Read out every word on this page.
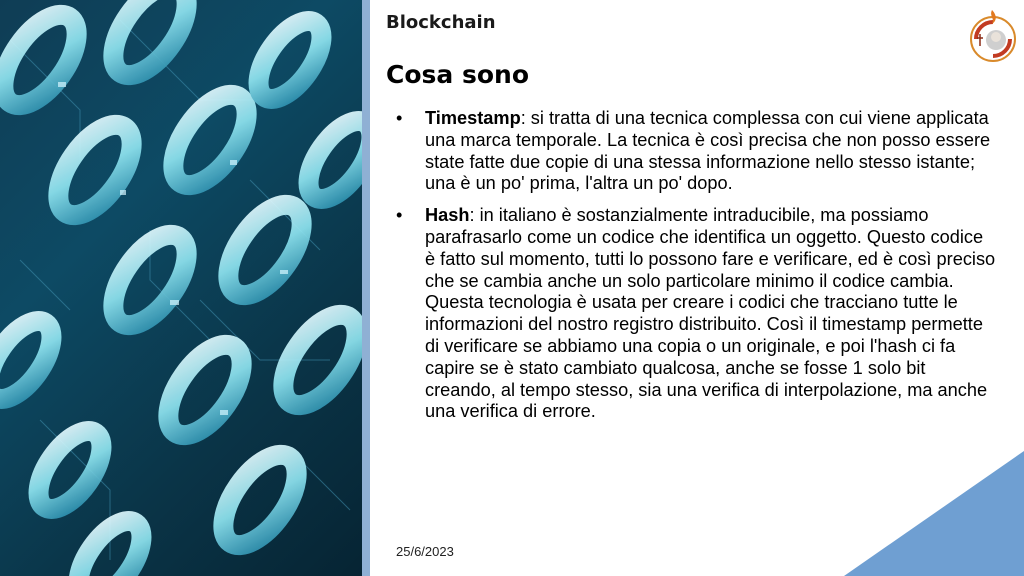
Blockchain
Cosa sono
• Timestamp: si tratta di una tecnica complessa con cui viene applicata una marca temporale. La tecnica è così precisa che non posso essere state fatte due copie di una stessa informazione nello stesso istante; una è un po' prima, l'altra un po' dopo.
• Hash: in italiano è sostanzialmente intraducibile, ma possiamo parafrasarlo come un codice che identifica un oggetto. Questo codice è fatto sul momento, tutti lo possono fare e verificare, ed è così preciso che se cambia anche un solo particolare minimo il codice cambia. Questa tecnologia è usata per creare i codici che tracciano tutte le informazioni del nostro registro distribuito. Così il timestamp permette di verificare se abbiamo una copia o un originale, e poi l'hash ci fa capire se è stato cambiato qualcosa, anche se fosse 1 solo bit creando, al tempo stesso, sia una verifica di interpolazione, ma anche una verifica di errore.
25/6/2023
